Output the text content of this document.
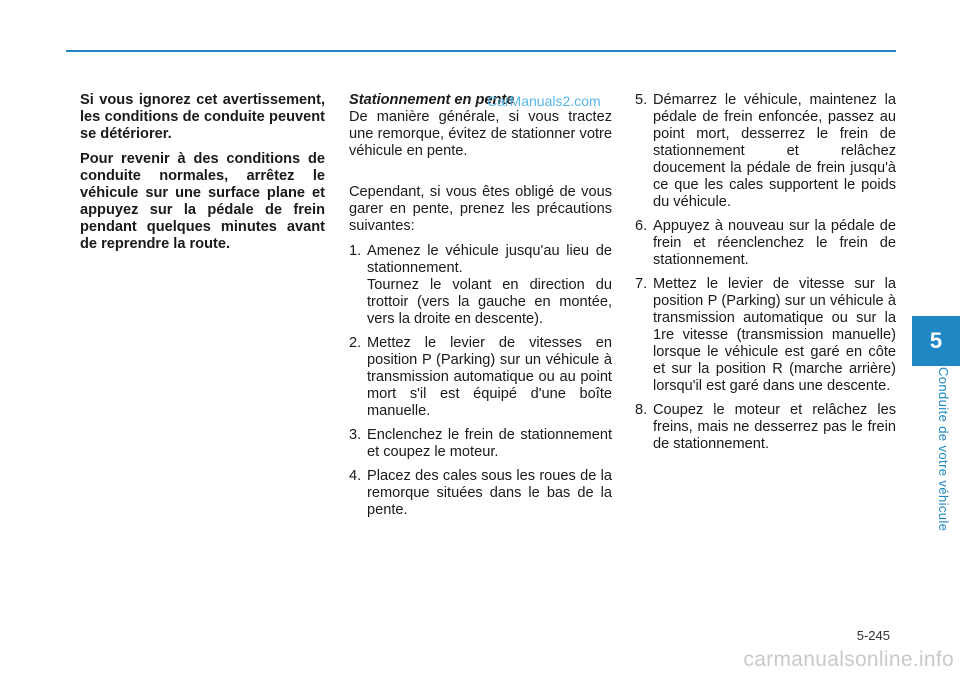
Si vous ignorez cet avertissement, les conditions de conduite peuvent se détériorer.

Pour revenir à des conditions de conduite normales, arrêtez le véhicule sur une surface plane et appuyez sur la pédale de frein pendant quelques minutes avant de reprendre la route.

Stationnement en pente

De manière générale, si vous tractez une remorque, évitez de stationner votre véhicule en pente.

Cependant, si vous êtes obligé de vous garer en pente, prenez les précautions suivantes:

1. Amenez le véhicule jusqu'au lieu de stationnement.

Tournez le volant en direction du trottoir (vers la gauche en montée, vers la droite en descente).

2. Mettez le levier de vitesses en position P (Parking) sur un véhicule à transmission automatique ou au point mort s'il est équipé d'une boîte manuelle.
3. Enclenchez le frein de stationnement et coupez le moteur.
4. Placez des cales sous les roues de la remorque situées dans le bas de la pente.
5. Démarrez le véhicule, maintenez la pédale de frein enfoncée, passez au point mort, desserrez le frein de stationnement et relâchez doucement la pédale de frein jusqu'à ce que les cales supportent le poids du véhicule.
6. Appuyez à nouveau sur la pédale de frein et réenclenchez le frein de stationnement.
7. Mettez le levier de vitesse sur la position P (Parking) sur un véhicule à transmission automatique ou sur la 1re vitesse (transmission manuelle) lorsque le véhicule est garé en côte et sur la position R (marche arrière) lorsqu'il est garé dans une descente.
8. Coupez le moteur et relâchez les freins, mais ne desserrez pas le frein de stationnement.
CarManuals2.com
5
Conduite de votre véhicule
5-245
carmanualsonline.info
